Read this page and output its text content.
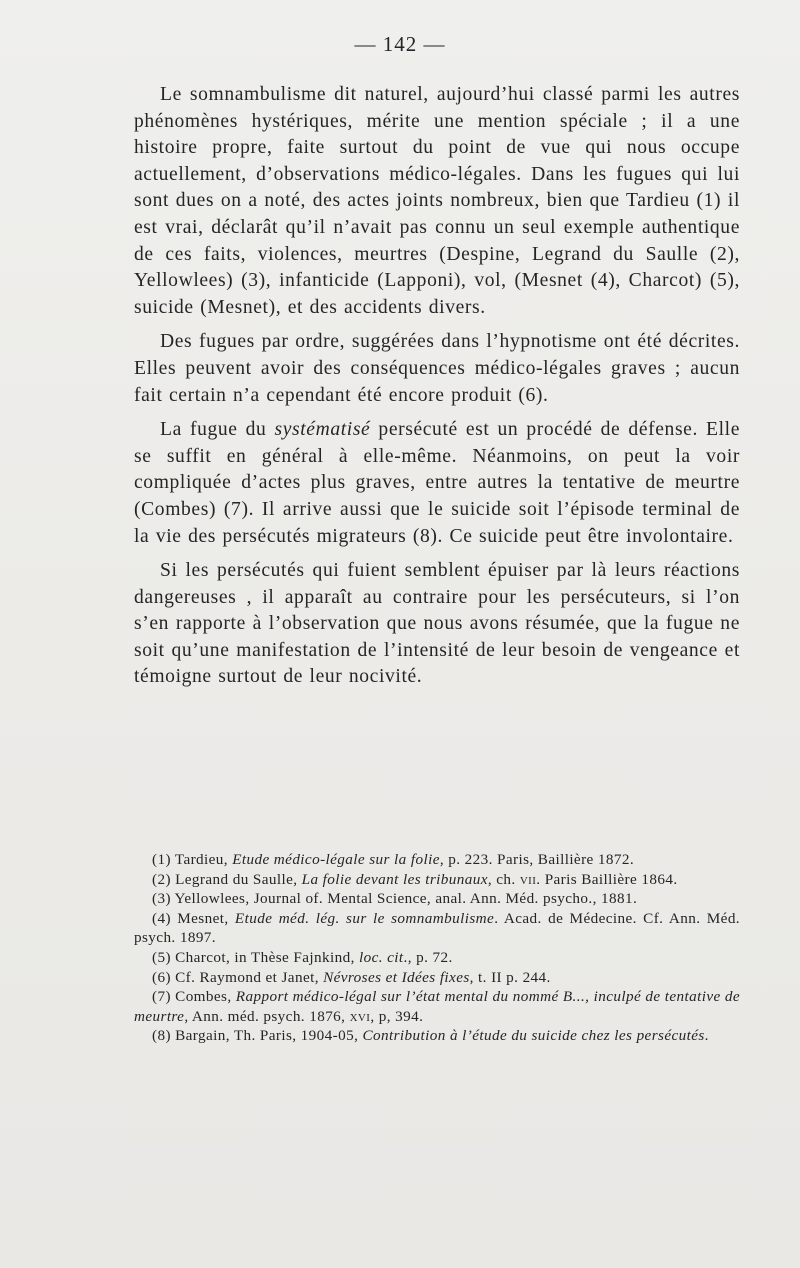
— 142 —

Le somnambulisme dit naturel, aujourd’hui classé parmi les autres phénomènes hystériques, mérite une mention spéciale ; il a une histoire propre, faite surtout du point de vue qui nous occupe actuellement, d’observations médico-légales. Dans les fugues qui lui sont dues on a noté, des actes joints nombreux, bien que Tardieu (1) il est vrai, déclarât qu’il n’avait pas connu un seul exemple authentique de ces faits, violences, meurtres (Despine, Legrand du Saulle (2), Yellowlees) (3), infanticide (Lapponi), vol, (Mesnet (4), Charcot) (5), suicide (Mesnet), et des accidents divers.

Des fugues par ordre, suggérées dans l’hypnotisme ont été décrites. Elles peuvent avoir des conséquences médico-légales graves ; aucun fait certain n’a cependant été encore produit (6).

La fugue du systématisé persécuté est un procédé de défense. Elle se suffit en général à elle-même. Néanmoins, on peut la voir compliquée d’actes plus graves, entre autres la tentative de meurtre (Combes) (7). Il arrive aussi que le suicide soit l’épisode terminal de la vie des persécutés migrateurs (8). Ce suicide peut être involontaire.

Si les persécutés qui fuient semblent épuiser par là leurs réactions dangereuses , il apparaît au contraire pour les persécuteurs, si l’on s’en rapporte à l’observation que nous avons résumée, que la fugue ne soit qu’une manifestation de l’intensité de leur besoin de vengeance et témoigne surtout de leur nocivité.

(1) Tardieu, Etude médico-légale sur la folie, p. 223. Paris, Baillière 1872.

(2) Legrand du Saulle, La folie devant les tribunaux, ch. vii. Paris Baillière 1864.

(3) Yellowlees, Journal of. Mental Science, anal. Ann. Méd. psycho., 1881.

(4) Mesnet, Etude méd. lég. sur le somnambulisme. Acad. de Médecine. Cf. Ann. Méd. psych. 1897.

(5) Charcot, in Thèse Fajnkind, loc. cit., p. 72.

(6) Cf. Raymond et Janet, Névroses et Idées fixes, t. II p. 244.

(7) Combes, Rapport médico-légal sur l’état mental du nommé B..., inculpé de tentative de meurtre, Ann. méd. psych. 1876, xvi, p, 394.

(8) Bargain, Th. Paris, 1904-05, Contribution à l’étude du suicide chez les persécutés.
